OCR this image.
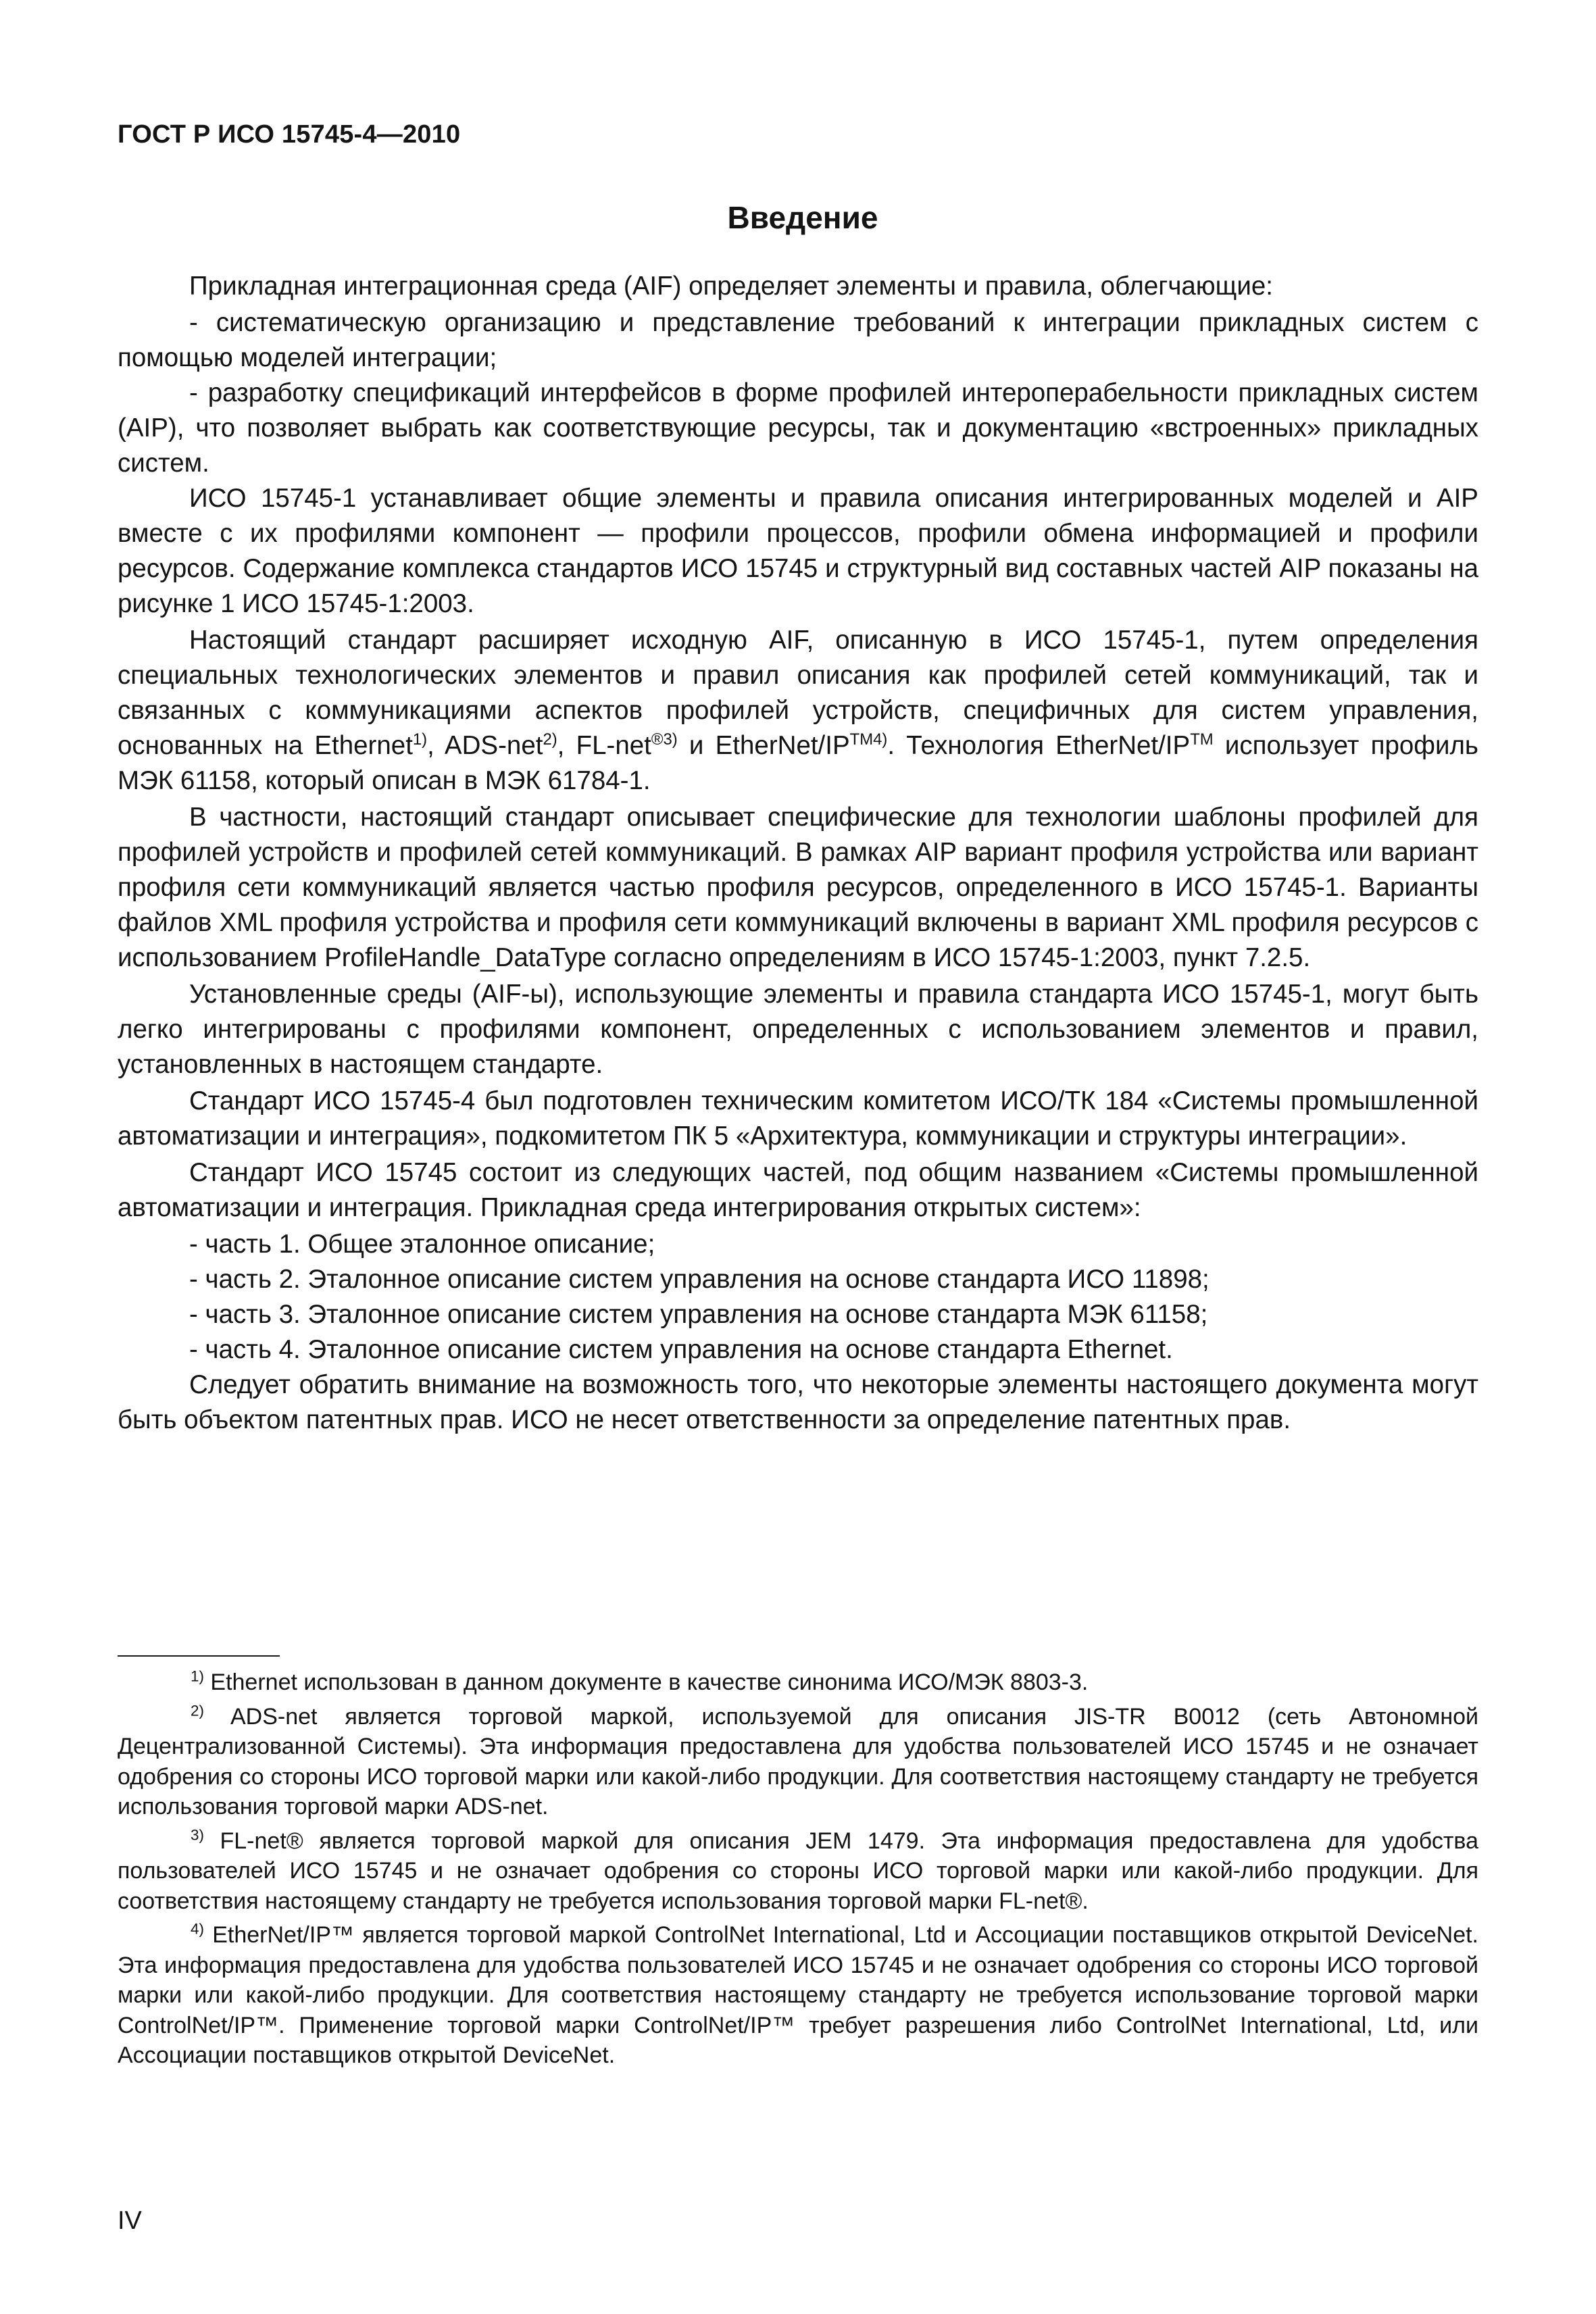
ГОСТ Р ИСО 15745-4—2010
Введение

Прикладная интеграционная среда (AIF) определяет элементы и правила, облегчающие:

- систематическую организацию и представление требований к интеграции прикладных систем с помощью моделей интеграции;

- разработку спецификаций интерфейсов в форме профилей интероперабельности прикладных систем (AIP), что позволяет выбрать как соответствующие ресурсы, так и документацию «встроенных» прикладных систем.

ИСО 15745-1 устанавливает общие элементы и правила описания интегрированных моделей и AIP вместе с их профилями компонент — профили процессов, профили обмена информацией и профили ресурсов. Содержание комплекса стандартов ИСО 15745 и структурный вид составных частей AIP показаны на рисунке 1 ИСО 15745-1:2003.

Настоящий стандарт расширяет исходную AIF, описанную в ИСО 15745-1, путем определения специальных технологических элементов и правил описания как профилей сетей коммуникаций, так и связанных с коммуникациями аспектов профилей устройств, специфичных для систем управления, основанных на Ethernet$^{1)}$, ADS-net$^{2)}$, FL-net$^{®3)}$ и EtherNet/$IP^{TM4)}$. Технология EtherNet/IP™ использует профиль МЭК 61158, который описан в МЭК 61784-1.

В частности, настоящий стандарт описывает специфические для технологии шаблоны профилей для профилей устройств и профилей сетей коммуникаций. В рамках AIP вариант профиля устройства или вариант профиля сети коммуникаций является частью профиля ресурсов, определенного в ИСО 15745-1. Варианты файлов XML профиля устройства и профиля сети коммуникаций включены в вариант XML профиля ресурсов с использованием ProfileHandle_DataType согласно определениям в ИСО 15745-1:2003, пункт 7.2.5.

Установленные среды (AIF-ы), использующие элементы и правила стандарта ИСО 15745-1, могут быть легко интегрированы с профилями компонент, определенных с использованием элементов и правил, установленных в настоящем стандарте.

Стандарт ИСО 15745-4 был подготовлен техническим комитетом ИСО/ТК 184 «Системы промышленной автоматизации и интеграция», подкомитетом ПК 5 «Архитектура, коммуникации и структуры интеграции».

Стандарт ИСО 15745 состоит из следующих частей, под общим названием «Системы промышленной автоматизации и интеграция. Прикладная среда интегрирования открытых систем»:

- часть 1. Общее эталонное описание;

- часть 2. Эталонное описание систем управления на основе стандарта ИСО 11898;

- часть 3. Эталонное описание систем управления на основе стандарта МЭК 61158;

- часть 4. Эталонное описание систем управления на основе стандарта Ethernet.

Следует обратить внимание на возможность того, что некоторые элементы настоящего документа могут быть объектом патентных прав. ИСО не несет ответственности за определение патентных прав.

$^{1)}$ Ethernet использован в данном документе в качестве синонима ИСО/МЭК 8803-3.

$^{2)}$ ADS-net является торговой маркой, используемой для описания JIS-TR B0012 (сеть Автономной Децентрализованной Системы). Эта информация предоставлена для удобства пользователей ИСО 15745 и не означает одобрения со стороны ИСО торговой марки или какой-либо продукции. Для соответствия настоящему стандарту не требуется использования торговой марки ADS-net.

$^{3)}$ FL-net® является торговой маркой для описания JEM 1479. Эта информация предоставлена для удобства пользователей ИСО 15745 и не означает одобрения со стороны ИСО торговой марки или какой-либо продукции. Для соответствия настоящему стандарту не требуется использования торговой марки FL-net®.

$^{4)}$ EtherNet/IP™ является торговой маркой ControlNet International, Ltd и Ассоциации поставщиков открытой DeviceNet. Эта информация предоставлена для удобства пользователей ИСО 15745 и не означает одобрения со стороны ИСО торговой марки или какой-либо продукции. Для соответствия настоящему стандарту не требуется использование торговой марки ControlNet/IP™. Применение торговой марки ControlNet/IP™ требует разрешения либо ControlNet International, Ltd, или Ассоциации поставщиков открытой DeviceNet.

IV
